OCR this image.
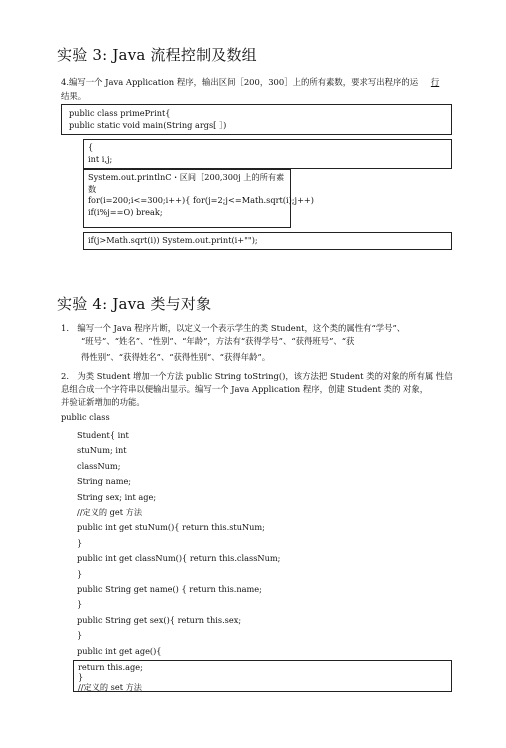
实验 3: Java 流程控制及数组
4.编写一个 Java Application 程序，输出区间［200，300］上的所有素数，要求写出程序的运 行
结果。
public class primePrint{
public static void main(String args[ ］)
{
int i,j;
System.out.printlnC・区间［200,300j 上的所有素
数
for(i=200;i<=300;i++){ for(j=2;j<=Math.sqrt(i);j++)
if(i%j==O) break;
if(j>Math.sqrt(i)) System.out.print(i+"");
实验 4: Java 类与对象
1.　编写一个 Java 程序片断，以定义一个表示学生的类 Student，这个类的属性有“学号”、
“班号”、“姓名”、“性别”、“年龄”，方法有“获得学号”、“获得班号”、“获
得性别”、“获得姓名”、“获得性别”、“获得年龄”。
2.　为类 Student 增加一个方法 public String toString()，该方法把 Student 类的对象的所有属 性信
息组合成一个字符串以便输出显示。编写一个 Java Application 程序，创建 Student 类的 对象，
并验证新增加的功能。
public class
Student{ int
stuNum; int
classNum;
String name;
String sex; int age;
//定义的 get 方法
public int get stuNum(){ return this.stuNum;
}
public int get classNum(){ return this.classNum;
}
public String get name() { return this.name;
}
public String get sex(){ return this.sex;
}
public int get age(){
return this.age;
}
//定义的 set 方法
